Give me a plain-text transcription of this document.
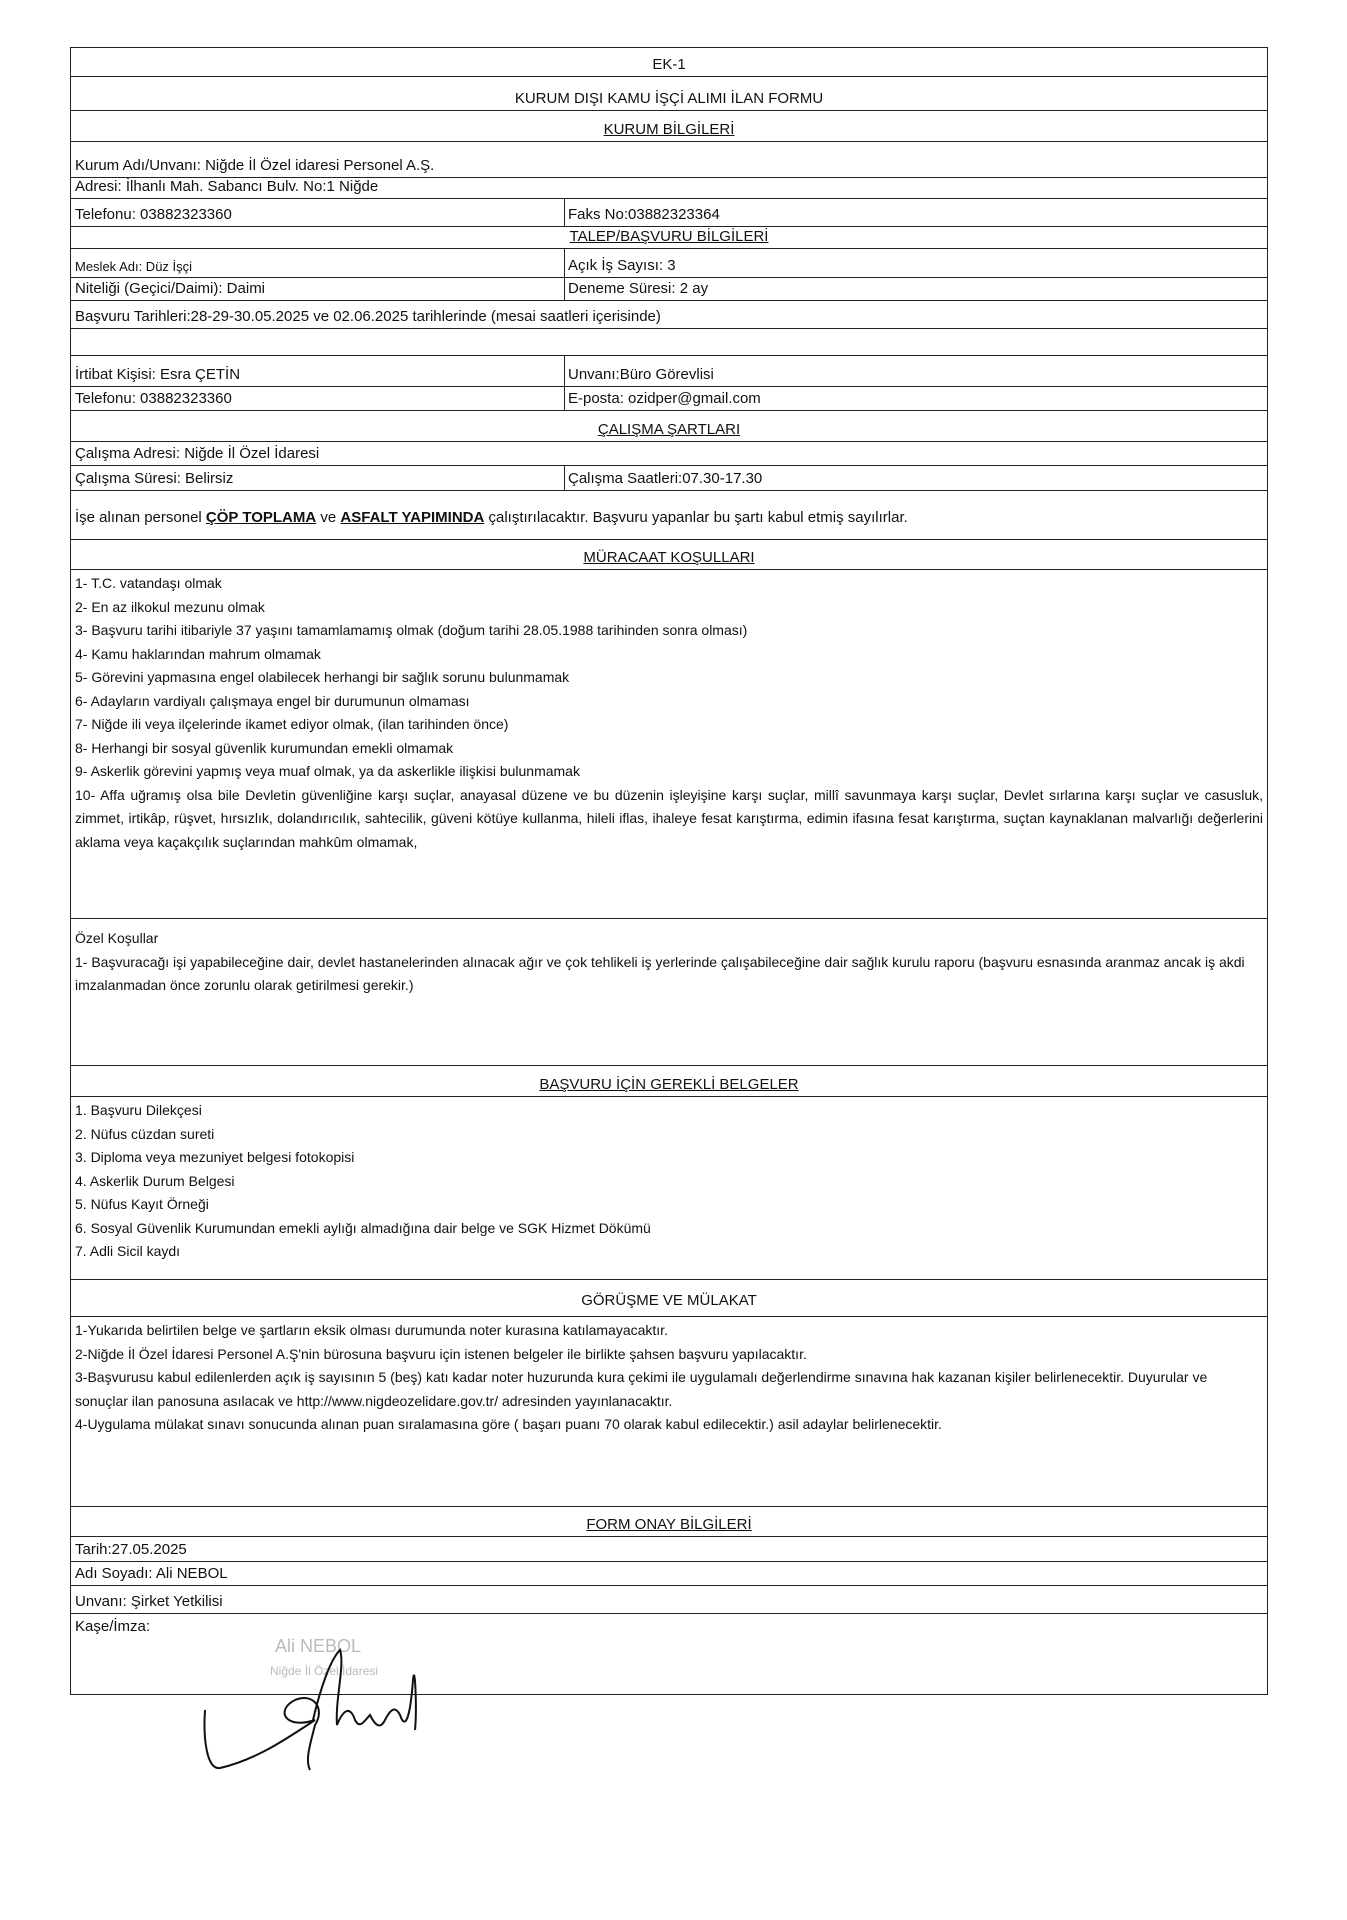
EK-1
KURUM DIŞI KAMU İŞÇİ ALIMI İLAN FORMU
KURUM BİLGİLERİ
Kurum Adı/Unvanı: Niğde İl Özel idaresi Personel A.Ş.
Adresi: İlhanlı Mah. Sabancı Bulv. No:1 Niğde
Telefonu: 03882323360	Faks No:03882323364
TALEP/BAŞVURU BİLGİLERİ
Meslek Adı: Düz İşçi	Açık İş Sayısı: 3
Niteliği (Geçici/Daimi): Daimi	Deneme Süresi: 2 ay
Başvuru Tarihleri:28-29-30.05.2025 ve 02.06.2025 tarihlerinde (mesai saatleri içerisinde)
İrtibat Kişisi: Esra ÇETİN	Unvanı:Büro Görevlisi
Telefonu: 03882323360	E-posta: ozidper@gmail.com
ÇALIŞMA ŞARTLARI
Çalışma Adresi: Niğde İl Özel İdaresi
Çalışma Süresi: Belirsiz	Çalışma Saatleri:07.30-17.30
İşe alınan personel ÇÖP TOPLAMA ve ASFALT YAPIMINDA çalıştırılacaktır. Başvuru yapanlar bu şartı kabul etmiş sayılırlar.
MÜRACAAT KOŞULLARI

1- T.C. vatandaşı olmak

2- En az ilkokul mezunu olmak

3- Başvuru tarihi itibariyle 37 yaşını tamamlamamış olmak (doğum tarihi 28.05.1988 tarihinden sonra olması)

4- Kamu haklarından mahrum olmamak

5- Görevini yapmasına engel olabilecek herhangi bir sağlık sorunu bulunmamak

6- Adayların vardiyalı çalışmaya engel bir durumunun olmaması

7- Niğde ili veya ilçelerinde ikamet ediyor olmak, (ilan tarihinden önce)

8- Herhangi bir sosyal güvenlik kurumundan emekli olmamak

9- Askerlik görevini yapmış veya muaf olmak, ya da askerlikle ilişkisi bulunmamak

10- Affa uğramış olsa bile Devletin güvenliğine karşı suçlar, anayasal düzene ve bu düzenin işleyişine karşı suçlar, millî savunmaya karşı suçlar, Devlet sırlarına karşı suçlar ve casusluk, zimmet, irtikâp, rüşvet, hırsızlık, dolandırıcılık, sahtecilik, güveni kötüye kullanma, hileli iflas, ihaleye fesat karıştırma, edimin ifasına fesat karıştırma, suçtan kaynaklanan malvarlığı değerlerini aklama veya kaçakçılık suçlarından mahkûm olmamak,

Özel Koşullar

1- Başvuracağı işi yapabileceğine dair, devlet hastanelerinden alınacak ağır ve çok tehlikeli iş yerlerinde çalışabileceğine dair sağlık kurulu raporu (başvuru esnasında aranmaz ancak iş akdi imzalanmadan önce zorunlu olarak getirilmesi gerekir.)

BAŞVURU İÇİN GEREKLİ BELGELER

1. Başvuru Dilekçesi

2. Nüfus cüzdan sureti

3. Diploma veya mezuniyet belgesi fotokopisi

4. Askerlik Durum Belgesi

5. Nüfus Kayıt Örneği

6. Sosyal Güvenlik Kurumundan emekli aylığı almadığına dair belge ve SGK Hizmet Dökümü

7. Adli Sicil kaydı

GÖRÜŞME VE MÜLAKAT

1-Yukarıda belirtilen belge ve şartların eksik olması durumunda noter kurasına katılamayacaktır.

2-Niğde İl Özel İdaresi Personel A.Ş'nin bürosuna başvuru için istenen belgeler ile birlikte şahsen başvuru yapılacaktır.

3-Başvurusu kabul edilenlerden açık iş sayısının 5 (beş) katı kadar noter huzurunda kura çekimi ile uygulamalı değerlendirme sınavına hak kazanan kişiler belirlenecektir. Duyurular ve sonuçlar ilan panosuna asılacak ve http://www.nigdeozelidare.gov.tr/ adresinden yayınlanacaktır.

4-Uygulama mülakat sınavı sonucunda alınan puan sıralamasına göre ( başarı puanı 70 olarak kabul edilecektir.) asil adaylar belirlenecektir.

FORM ONAY BİLGİLERİ
Tarih:27.05.2025
Adı Soyadı: Ali NEBOL
Unvanı: Şirket Yetkilisi
Kaşe/İmza:
Ali NEBOL
Niğde İl Özel İdaresi
